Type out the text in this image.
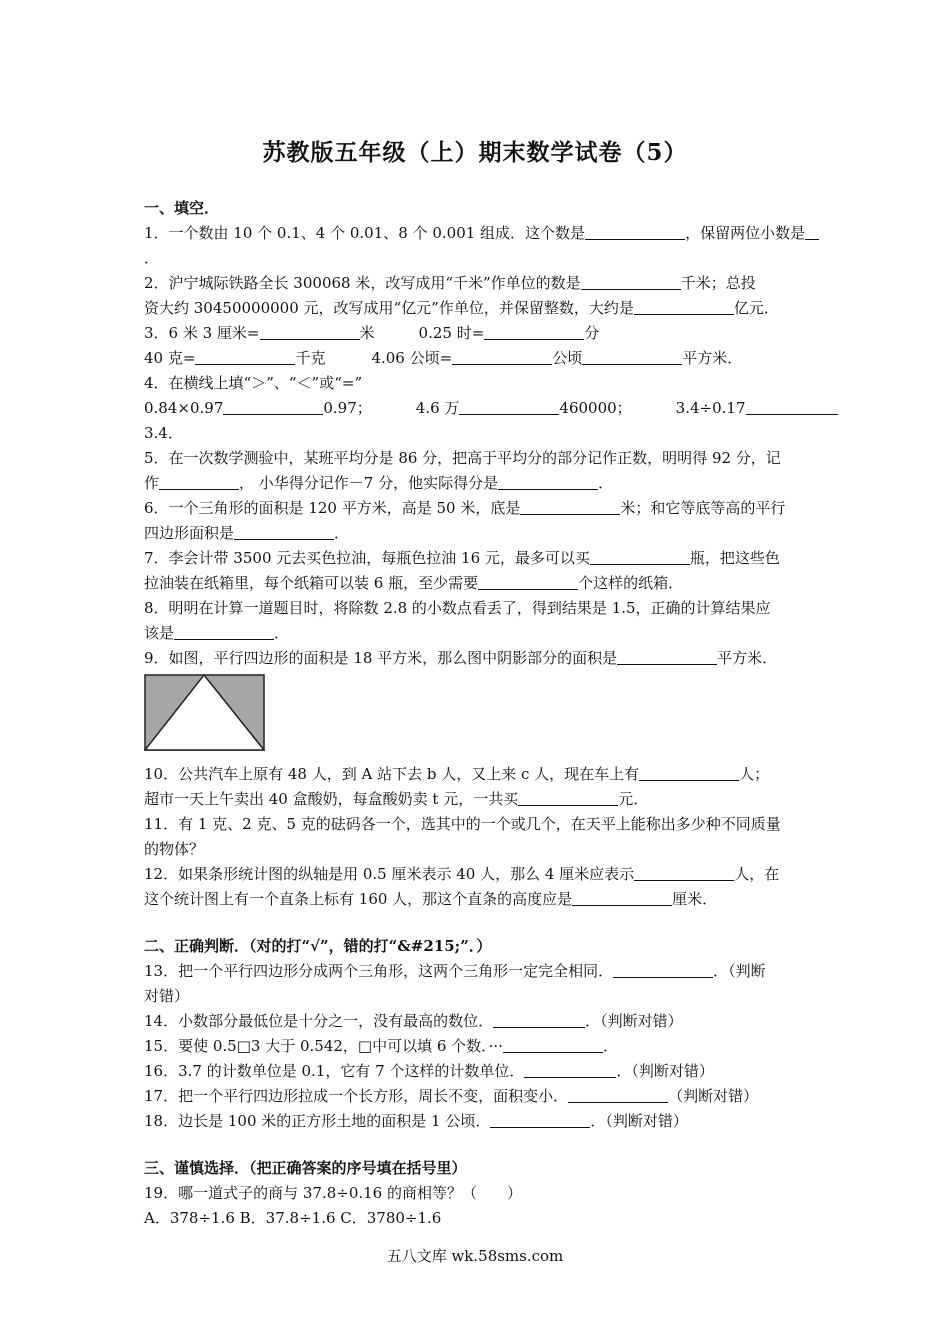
苏教版五年级（上）期末数学试卷（5）
一、填空．
1．一个数由 10 个 0.1、4 个 0.01、8 个 0.001 组成．这个数是	，保留两位小数是
．
2．沪宁城际铁路全长 300068 米，改写成用“千米”作单位的数是	千米；总投
资大约 30450000000 元，改写成用“亿元”作单位，并保留整数，大约是	亿元．
3．6 米 3 厘米=	米	0.25 时=	分
40 克=	千克	4.06 公顷=	公顷	平方米．
4．在横线上填“＞”、“＜”或“=”
0.84×0.97	0.97；	4.6 万	460000；	3.4÷0.17
3.4．
5．在一次数学测验中，某班平均分是 86 分，把高于平均分的部分记作正数，明明得 92 分，记
作	， 小华得分记作－7 分，他实际得分是	．
6．一个三角形的面积是 120 平方米，高是 50 米，底是	米；和它等底等高的平行
四边形面积是	．
7．李会计带 3500 元去买色拉油，每瓶色拉油 16 元，最多可以买	瓶，把这些色
拉油装在纸箱里，每个纸箱可以装 6 瓶，至少需要	个这样的纸箱．
8．明明在计算一道题目时，将除数 2.8 的小数点看丢了，得到结果是 1.5，正确的计算结果应
该是	．
9．如图，平行四边形的面积是 18 平方米，那么图中阴影部分的面积是	平方米．
10．公共汽车上原有 48 人，到 A 站下去 b 人，又上来 c 人，现在车上有	人；
超市一天上午卖出 40 盒酸奶，每盒酸奶卖 t 元，一共买	元．
11．有 1 克、2 克、5 克的砝码各一个，选其中的一个或几个，在天平上能称出多少种不同质量
的物体？
12．如果条形统计图的纵轴是用 0.5 厘米表示 40 人，那么 4 厘米应表示	人，在
这个统计图上有一个直条上标有 160 人，那这个直条的高度应是	厘米．
二、正确判断．（对的打“√”，错的打“&#215;”．）
13．把一个平行四边形分成两个三角形，这两个三角形一定完全相同．	．（判断
对错）
14．小数部分最低位是十分之一，没有最高的数位．	．（判断对错）
15．要使 0.5□3 大于 0.542，□中可以填 6 个数．···	．
16．3.7 的计数单位是 0.1，它有 7 个这样的计数单位．	．（判断对错）
17．把一个平行四边形拉成一个长方形，周长不变，面积变小．	（判断对错）
18．边长是 100 米的正方形土地的面积是 1 公顷．	．（判断对错）
三、谨慎选择．（把正确答案的序号填在括号里）
19．哪一道式子的商与 37.8÷0.16 的商相等？（　　）
A．378÷1.6 B．37.8÷1.6 C．3780÷1.6
五八文库 wk.58sms.com
